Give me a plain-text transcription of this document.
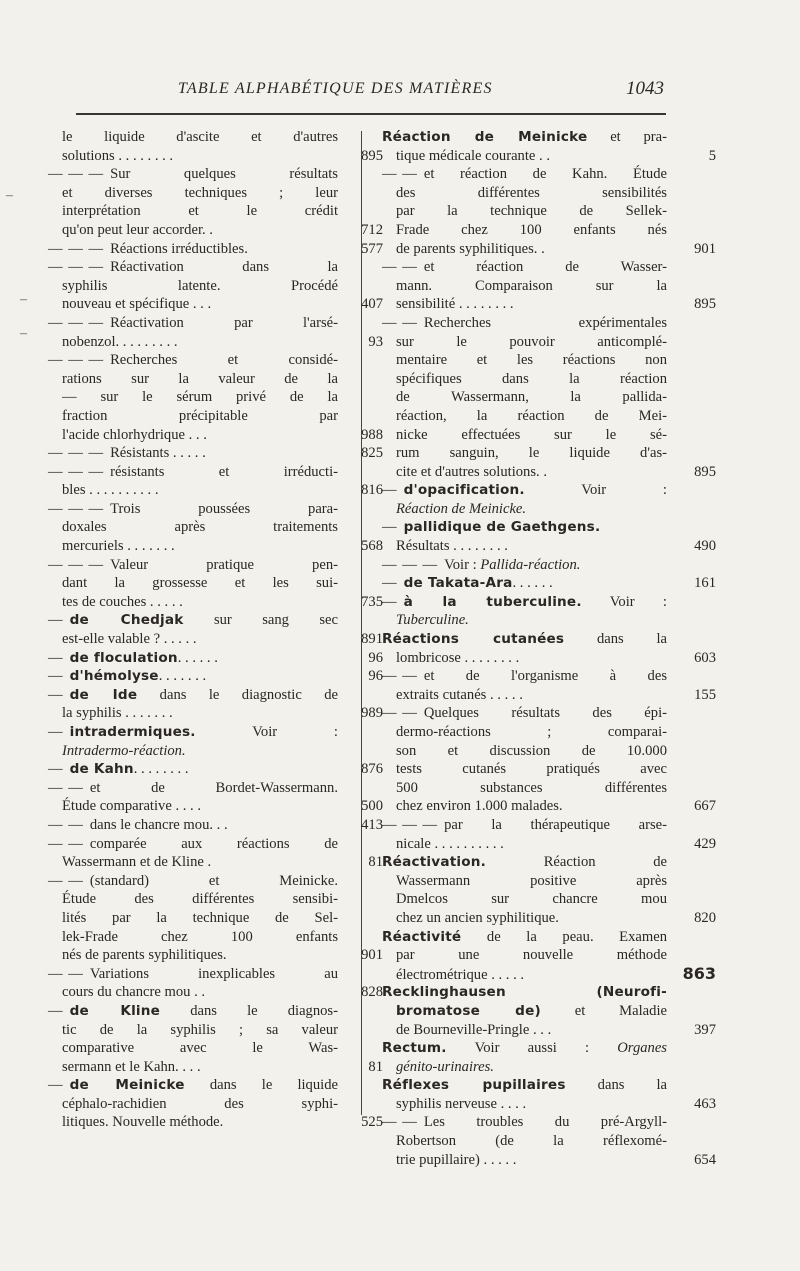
TABLE ALPHABÉTIQUE DES MATIÈRES	1043
le liquide d'ascite et d'autres
solutions . . . . . . . .	895
— — — Sur quelques résultats
et diverses techniques ; leur
interprétation et le crédit
qu'on peut leur accorder. .	712
— — — Réactions irréductibles.	577
— — — Réactivation dans la
syphilis latente. Procédé
nouveau et spécifique . . .	407
— — — Réactivation par l'arsé-
nobenzol. . . . . . . . .	93
— — — Recherches et considé-
rations sur la valeur de la
— sur le sérum privé de la
fraction précipitable par
l'acide chlorhydrique . . .	988
— — — Résistants . . . . .	825
— — — résistants et irréducti-
bles . . . . . . . . . .	816
— — — Trois poussées para-
doxales après traitements
mercuriels . . . . . . .	568
— — — Valeur pratique pen-
dant la grossesse et les sui-
tes de couches . . . . .	735
— de Chedjak sur sang sec
est-elle valable ? . . . . .	891
— de floculation. . . . . .	96
— d'hémolyse. . . . . . .	96
— de Ide dans le diagnostic de
la syphilis . . . . . . .	989
— intradermiques. Voir :
Intradermo-réaction.
— de Kahn. . . . . . . .	876
— — et de Bordet-Wassermann.
Étude comparative . . . .	500
— — dans le chancre mou. . .	413
— — comparée aux réactions de
Wassermann et de Kline .	81
— — (standard) et Meinicke.
Étude des différentes sensibi-
lités par la technique de Sel-
lek-Frade chez 100 enfants
nés de parents syphilitiques.	901
— — Variations inexplicables au
cours du chancre mou . .	828
— de Kline dans le diagnos-
tic de la syphilis ; sa valeur
comparative avec le Was-
sermann et le Kahn. . . .	81
— de Meinicke dans le liquide
céphalo-rachidien des syphi-
litiques. Nouvelle méthode.	525
Réaction de Meinicke et pra-
tique médicale courante . .	5
— — et réaction de Kahn. Étude
des différentes sensibilités
par la technique de Sellek-
Frade chez 100 enfants nés
de parents syphilitiques. .	901
— — et réaction de Wasser-
mann. Comparaison sur la
sensibilité . . . . . . . .	895
— — Recherches expérimentales
sur le pouvoir anticomplé-
mentaire et les réactions non
spécifiques dans la réaction
de Wassermann, la pallida-
réaction, la réaction de Mei-
nicke effectuées sur le sé-
rum sanguin, le liquide d'as-
cite et d'autres solutions. .	895
— d'opacification. Voir :
Réaction de Meinicke.
— pallidique de Gaethgens.
Résultats . . . . . . . .	490
— — — Voir : Pallida-réaction.
— de Takata-Ara. . . . . .	161
— à la tuberculine. Voir :
Tuberculine.
Réactions cutanées dans la
lombricose . . . . . . . .	603
— — et de l'organisme à des
extraits cutanés . . . . .	155
— — Quelques résultats des épi-
dermo-réactions ; comparai-
son et discussion de 10.000
tests cutanés pratiqués avec
500 substances différentes
chez environ 1.000 malades.	667
— — — par la thérapeutique arse-
nicale . . . . . . . . . .	429
Réactivation. Réaction de
Wassermann positive après
Dmelcos sur chancre mou
chez un ancien syphilitique.	820
Réactivité de la peau. Examen
par une nouvelle méthode
électrométrique . . . . .	863
Recklinghausen (Neurofi-
bromatose de) et Maladie
de Bourneville-Pringle . . .	397
Rectum. Voir aussi : Organes
génito-urinaires.
Réflexes pupillaires dans la
syphilis nerveuse . . . .	463
— — Les troubles du pré-Argyll-
Robertson (de la réflexomé-
trie pupillaire) . . . . .	654
–
–
–
